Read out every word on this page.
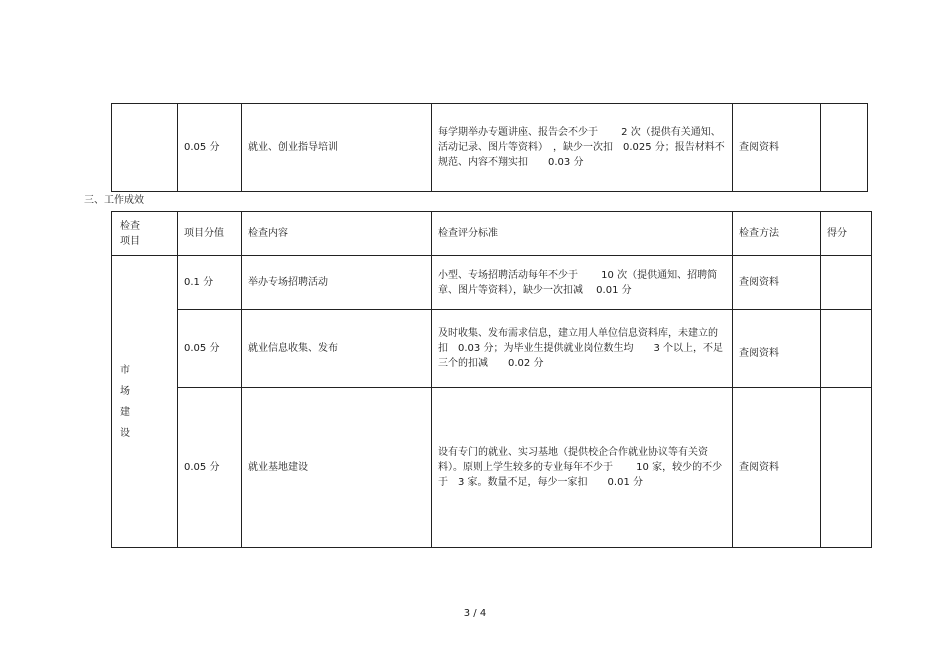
	0.05 分	就业、创业指导培训	每学期举办专题讲座、报告会不少于　　 2 次（提供有关通知、活动记录、图片等资料）　，缺少一次扣　0.025 分；报告材料不规范、内容不翔实扣　　0.03 分	查阅资料	
三、工作成效
检查项目	项目分值	检查内容	检查评分标准	检查方法	得分

市场建设	0.1 分	举办专场招聘活动	小型、专场招聘活动每年不少于　　 10 次（提供通知、招聘简章、图片等资料），缺少一次扣减　 0.01 分	查阅资料	
	0.05 分	就业信息收集、发布	及时收集、发布需求信息，建立用人单位信息资料库，未建立的扣　0.03 分；为毕业生提供就业岗位数生均　　3 个以上，不足三个的扣减　　0.02 分	查阅资料	
	0.05 分	就业基地建设	设有专门的就业、实习基地（提供校企合作就业协议等有关资料）。原则上学生较多的专业每年不少于　　 10 家，较少的不少于　3 家。数量不足，每少一家扣　　0.01 分	查阅资料	
3 / 4
